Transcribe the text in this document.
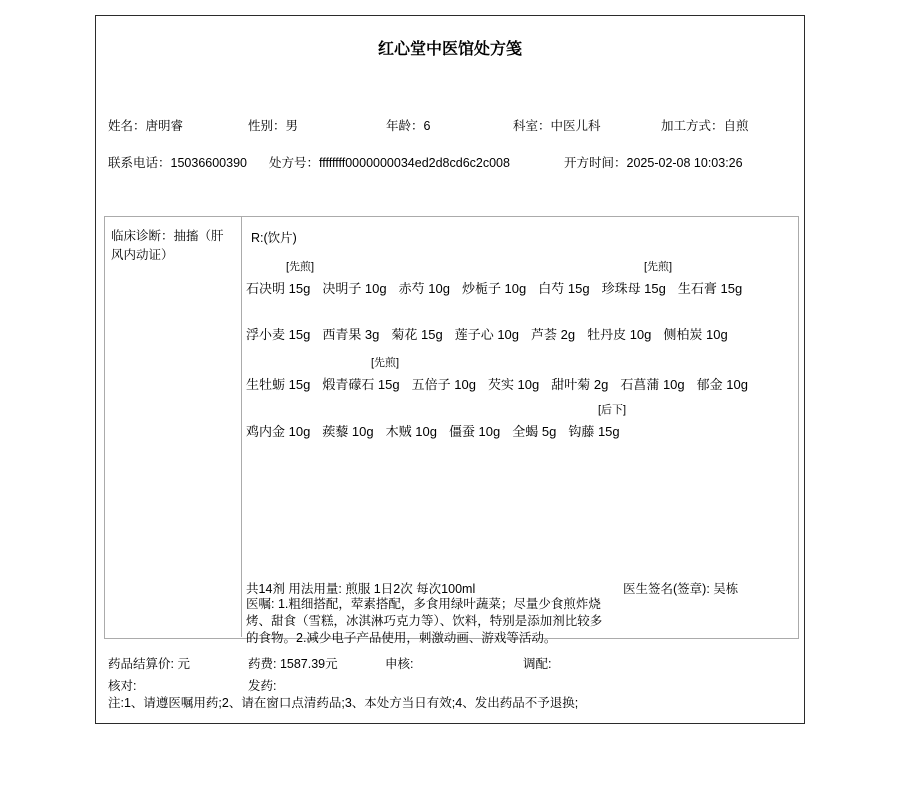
红心堂中医馆处方笺
姓名：唐明睿	性别：男	年龄：6	科室：中医儿科	加工方式：自煎
联系电话：15036600390 处方号：ffffffff0000000034ed2d8cd6c2c008	开方时间：2025-02-08 10:03:26
临床诊断：抽搐（肝风内动证）
R:(饮片)
[先煎]	[先煎]
石决明 15g 决明子 10g 赤芍 10g 炒栀子 10g 白芍 15g 珍珠母 15g 生石膏 15g
浮小麦 15g 西青果 3g 菊花 15g 莲子心 10g 芦荟 2g 牡丹皮 10g 侧柏炭 10g
[先煎]
生牡蛎 15g 煅青礞石 15g 五倍子 10g 芡实 10g 甜叶菊 2g 石菖蒲 10g 郁金 10g
[后下]
鸡内金 10g 蒺藜 10g 木贼 10g 僵蚕 10g 全蝎 5g 钩藤 15g
共14剂 用法用量: 煎服 1日2次 每次100ml	医生签名(签章): 吴栋
医嘱: 1.粗细搭配，荤素搭配，多食用绿叶蔬菜；尽量少食煎炸烧烤、甜食（雪糕，冰淇淋巧克力等）、饮料，特别是添加剂比较多的食物。2.减少电子产品使用，刺激动画、游戏等活动。
药品结算价: 元	药费: 1587.39元	申核:	调配:
核对:	发药:
注:1、请遵医嘱用药;2、请在窗口点清药品;3、本处方当日有效;4、发出药品不予退换;
